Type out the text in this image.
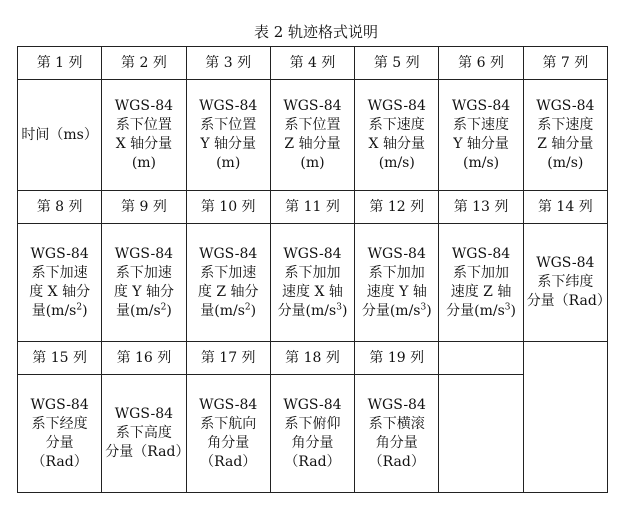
表 2 轨迹格式说明
第 1 列	第 2 列	第 3 列	第 4 列	第 5 列	第 6 列	第 7 列
时间（ms）	WGS-84
系下位置
X 轴分量
(m)	WGS-84
系下位置
Y 轴分量
(m)	WGS-84
系下位置
Z 轴分量
(m)	WGS-84
系下速度
X 轴分量
(m/s)	WGS-84
系下速度
Y 轴分量
(m/s)	WGS-84
系下速度
Z 轴分量
(m/s)
第 8 列	第 9 列	第 10 列	第 11 列	第 12 列	第 13 列	第 14 列
WGS-84
系下加速
度 X 轴分
量$(m/s^2)$	WGS-84
系下加速
度 Y 轴分
量$(m/s^2)$	WGS-84
系下加速
度 Z 轴分
量$(m/s^2)$	WGS-84
系下加加
速度 X 轴
分量$(m/s^3)$	WGS-84
系下加加
速度 Y 轴
分量$(m/s^3)$	WGS-84
系下加加
速度 Z 轴
分量$(m/s^3)$	WGS-84
系下纬度
分量（Rad）
第 15 列	第 16 列	第 17 列	第 18 列	第 19 列		
WGS-84
系下经度
分量
（Rad）	WGS-84
系下高度
分量（Rad）	WGS-84
系下航向
角分量
（Rad）	WGS-84
系下俯仰
角分量
（Rad）	WGS-84
系下横滚
角分量
（Rad）		
